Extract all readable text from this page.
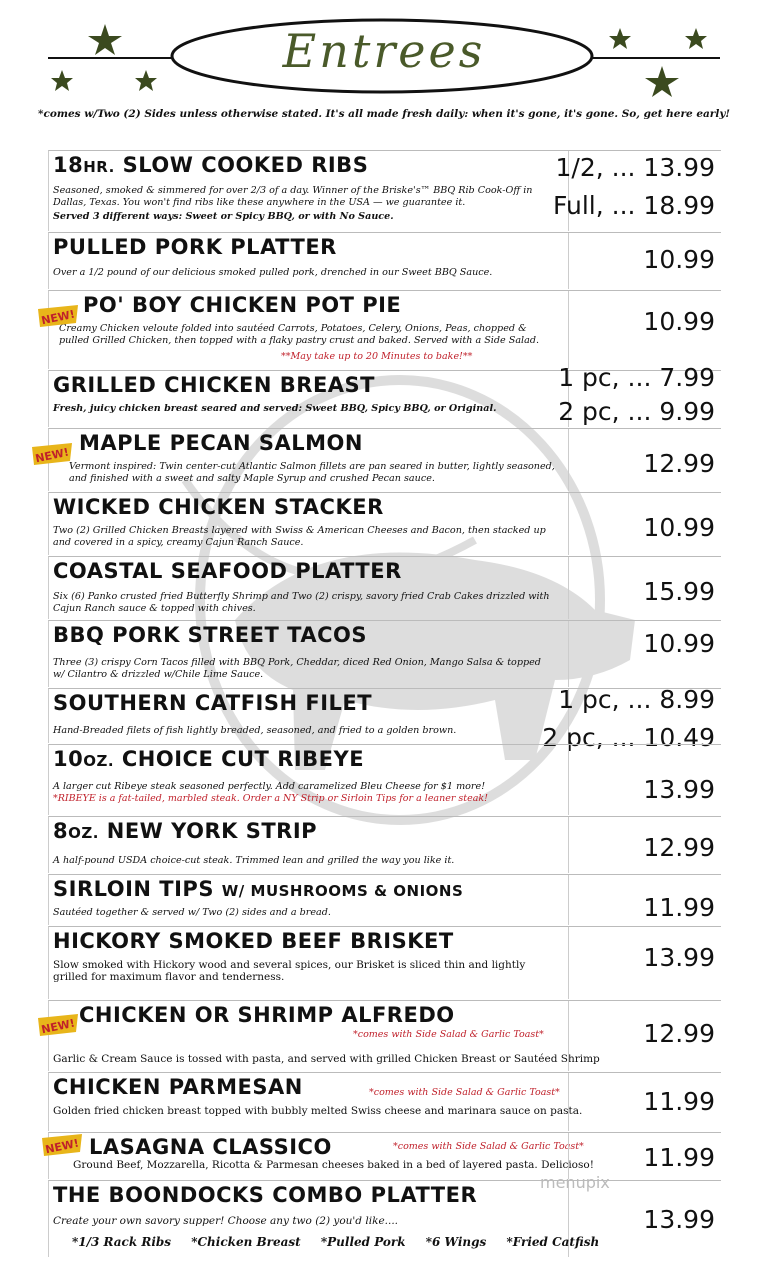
Entrees
*comes w/Two (2) Sides unless otherwise stated. It's all made fresh daily: when it's gone, it's gone. So, get here early!
18HR. SLOW COOKED RIBS
Seasoned, smoked & simmered for over 2/3 of a day. Winner of the Briske's™ BBQ Rib Cook-Off in Dallas, Texas. You won't find ribs like these anywhere in the USA — we guarantee it.
Served 3 different ways: Sweet or Spicy BBQ, or with No Sauce.
1/2, ... 13.99
Full, ... 18.99
PULLED PORK PLATTER
Over a 1/2 pound of our delicious smoked pulled pork, drenched in our Sweet BBQ Sauce.	10.99
PO' BOY CHICKEN POT PIE
Creamy Chicken veloute folded into sautéed Carrots, Potatoes, Celery, Onions, Peas, chopped & pulled Grilled Chicken, then topped with a flaky pastry crust and baked. Served with a Side Salad.
**May take up to 20 Minutes to bake!**
10.99
GRILLED CHICKEN BREAST
Fresh, juicy chicken breast seared and served: Sweet BBQ, Spicy BBQ, or Original.
1 pc, ... 7.99
2 pc, ... 9.99
MAPLE PECAN SALMON
Vermont inspired: Twin center-cut Atlantic Salmon fillets are pan seared in butter, lightly seasoned, and finished with a sweet and salty Maple Syrup and crushed Pecan sauce.
12.99
WICKED CHICKEN STACKER
Two (2) Grilled Chicken Breasts layered with Swiss & American Cheeses and Bacon, then stacked up and covered in a spicy, creamy Cajun Ranch Sauce.
10.99
COASTAL SEAFOOD PLATTER
Six (6) Panko crusted fried Butterfly Shrimp and Two (2) crispy, savory fried Crab Cakes drizzled with Cajun Ranch sauce & topped with chives.
15.99
BBQ PORK STREET TACOS
Three (3) crispy Corn Tacos filled with BBQ Pork, Cheddar, diced Red Onion, Mango Salsa & topped w/ Cilantro & drizzled w/Chile Lime Sauce.
10.99
SOUTHERN CATFISH FILET
Hand-Breaded filets of fish lightly breaded, seasoned, and fried to a golden brown.
1 pc, ... 8.99
2 pc, ... 10.49
10OZ. CHOICE CUT RIBEYE
A larger cut Ribeye steak seasoned perfectly. Add caramelized Bleu Cheese for $1 more!
*RIBEYE is a fat-tailed, marbled steak. Order a NY Strip or Sirloin Tips for a leaner steak!	13.99
8OZ. NEW YORK STRIP
A half-pound USDA choice-cut steak. Trimmed lean and grilled the way you like it.	12.99
SIRLOIN TIPS W/ MUSHROOMS & ONIONS
Sautéed together & served w/ Two (2) sides and a bread.	11.99
HICKORY SMOKED BEEF BRISKET
Slow smoked with Hickory wood and several spices, our Brisket is sliced thin and lightly grilled for maximum flavor and tenderness.
13.99
CHICKEN OR SHRIMP ALFREDO
*comes with Side Salad & Garlic Toast*
Garlic & Cream Sauce is tossed with pasta, and served with grilled Chicken Breast or Sautéed Shrimp
12.99
CHICKEN PARMESAN	*comes with Side Salad & Garlic Toast*
Golden fried chicken breast topped with bubbly melted Swiss cheese and marinara sauce on pasta.	11.99
LASAGNA CLASSICO	*comes with Side Salad & Garlic Toast*
Ground Beef, Mozzarella, Ricotta & Parmesan cheeses baked in a bed of layered pasta. Delicioso!	11.99
THE BOONDOCKS COMBO PLATTER
Create your own savory supper! Choose any two (2) you'd like....	13.99
NEW!
NEW!
NEW!
NEW!
menupix
*1/3 Rack Ribs *Chicken Breast *Pulled Pork *6 Wings *Fried Catfish
